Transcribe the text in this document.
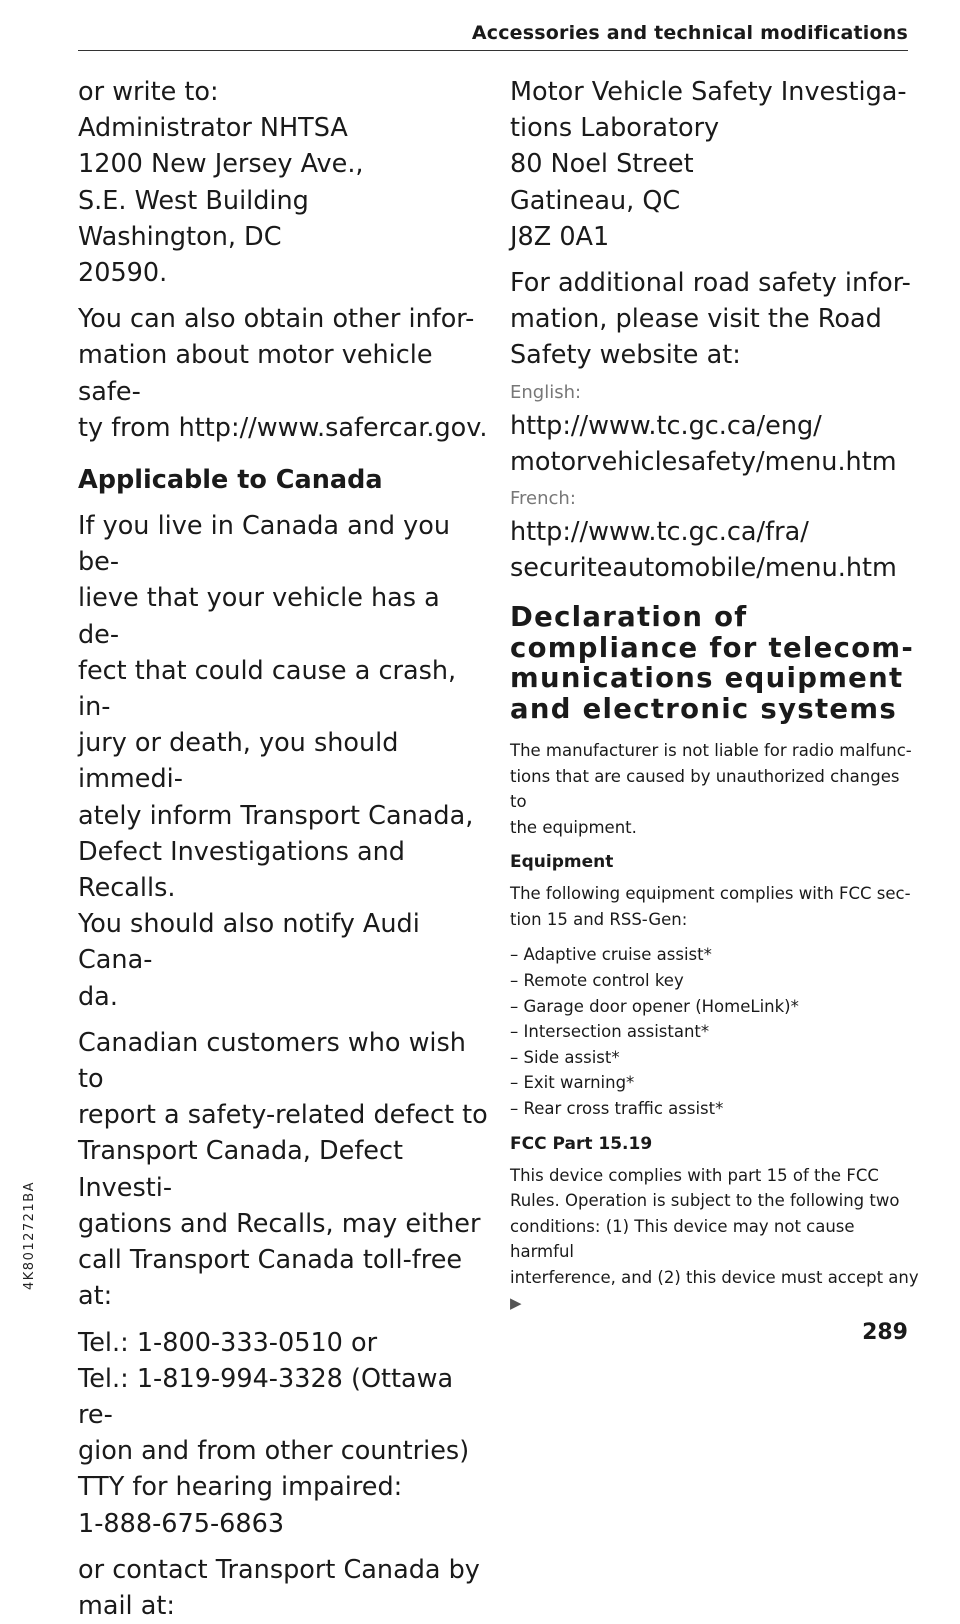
Accessories and technical modifications
4K8012721BA

or write to:

Administrator NHTSA

1200 New Jersey Ave.,

S.E. West Building

Washington, DC

20590.

You can also obtain other infor-

mation about motor vehicle safe-

ty from http://www.safercar.gov.

Applicable to Canada

If you live in Canada and you be-

lieve that your vehicle has a de-

fect that could cause a crash, in-

jury or death, you should immedi-

ately inform Transport Canada,

Defect Investigations and Recalls.

You should also notify Audi Cana-

da.

Canadian customers who wish to

report a safety-related defect to

Transport Canada, Defect Investi-

gations and Recalls, may either

call Transport Canada toll-free at:

Tel.: 1-800-333-0510 or

Tel.: 1-819-994-3328 (Ottawa re-

gion and from other countries)

TTY for hearing impaired:

1-888-675-6863

or contact Transport Canada by

mail at:

Motor Vehicle Safety Investiga-

tions Laboratory

80 Noel Street

Gatineau, QC

J8Z 0A1

For additional road safety infor-

mation, please visit the Road

Safety website at:

English:

http://www.tc.gc.ca/eng/

motorvehiclesafety/menu.htm

French:

http://www.tc.gc.ca/fra/

securiteautomobile/menu.htm

Declaration of
compliance for telecom-
munications equipment
and electronic systems

The manufacturer is not liable for radio malfunc-

tions that are caused by unauthorized changes to

the equipment.

Equipment

The following equipment complies with FCC sec-

tion 15 and RSS-Gen:

– Adaptive cruise assist*
– Remote control key
– Garage door opener (HomeLink)*
– Intersection assistant*
– Side assist*
– Exit warning*
– Rear cross traffic assist*
FCC Part 15.19

This device complies with part 15 of the FCC

Rules. Operation is subject to the following two

conditions: (1) This device may not cause harmful

interference, and (2) this device must accept any ▶

289
